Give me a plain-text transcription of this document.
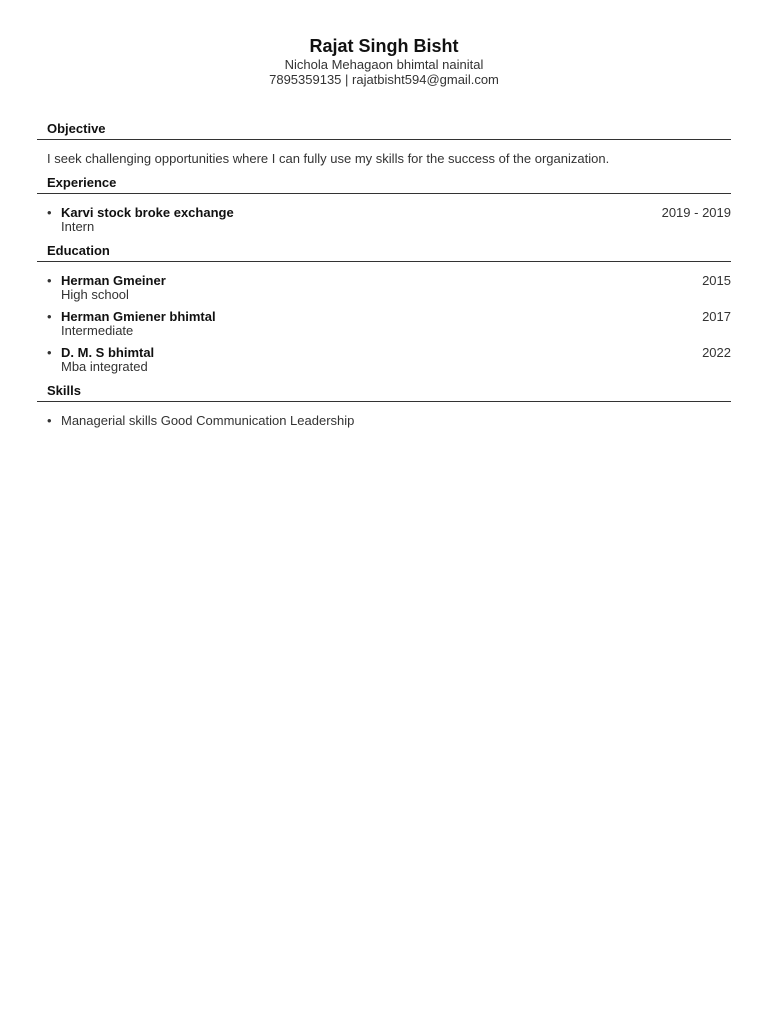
Rajat Singh Bisht
Nichola Mehagaon bhimtal nainital
7895359135 | rajatbisht594@gmail.com
Objective
I seek challenging opportunities where I can fully use my skills for the success of the organization.
Experience
• Karvi stock broke exchange	2019 - 2019
Intern
Education
• Herman Gmeiner	2015
High school
• Herman Gmiener bhimtal	2017
Intermediate
• D. M. S bhimtal	2022
Mba integrated
Skills
• Managerial skills Good Communication Leadership
